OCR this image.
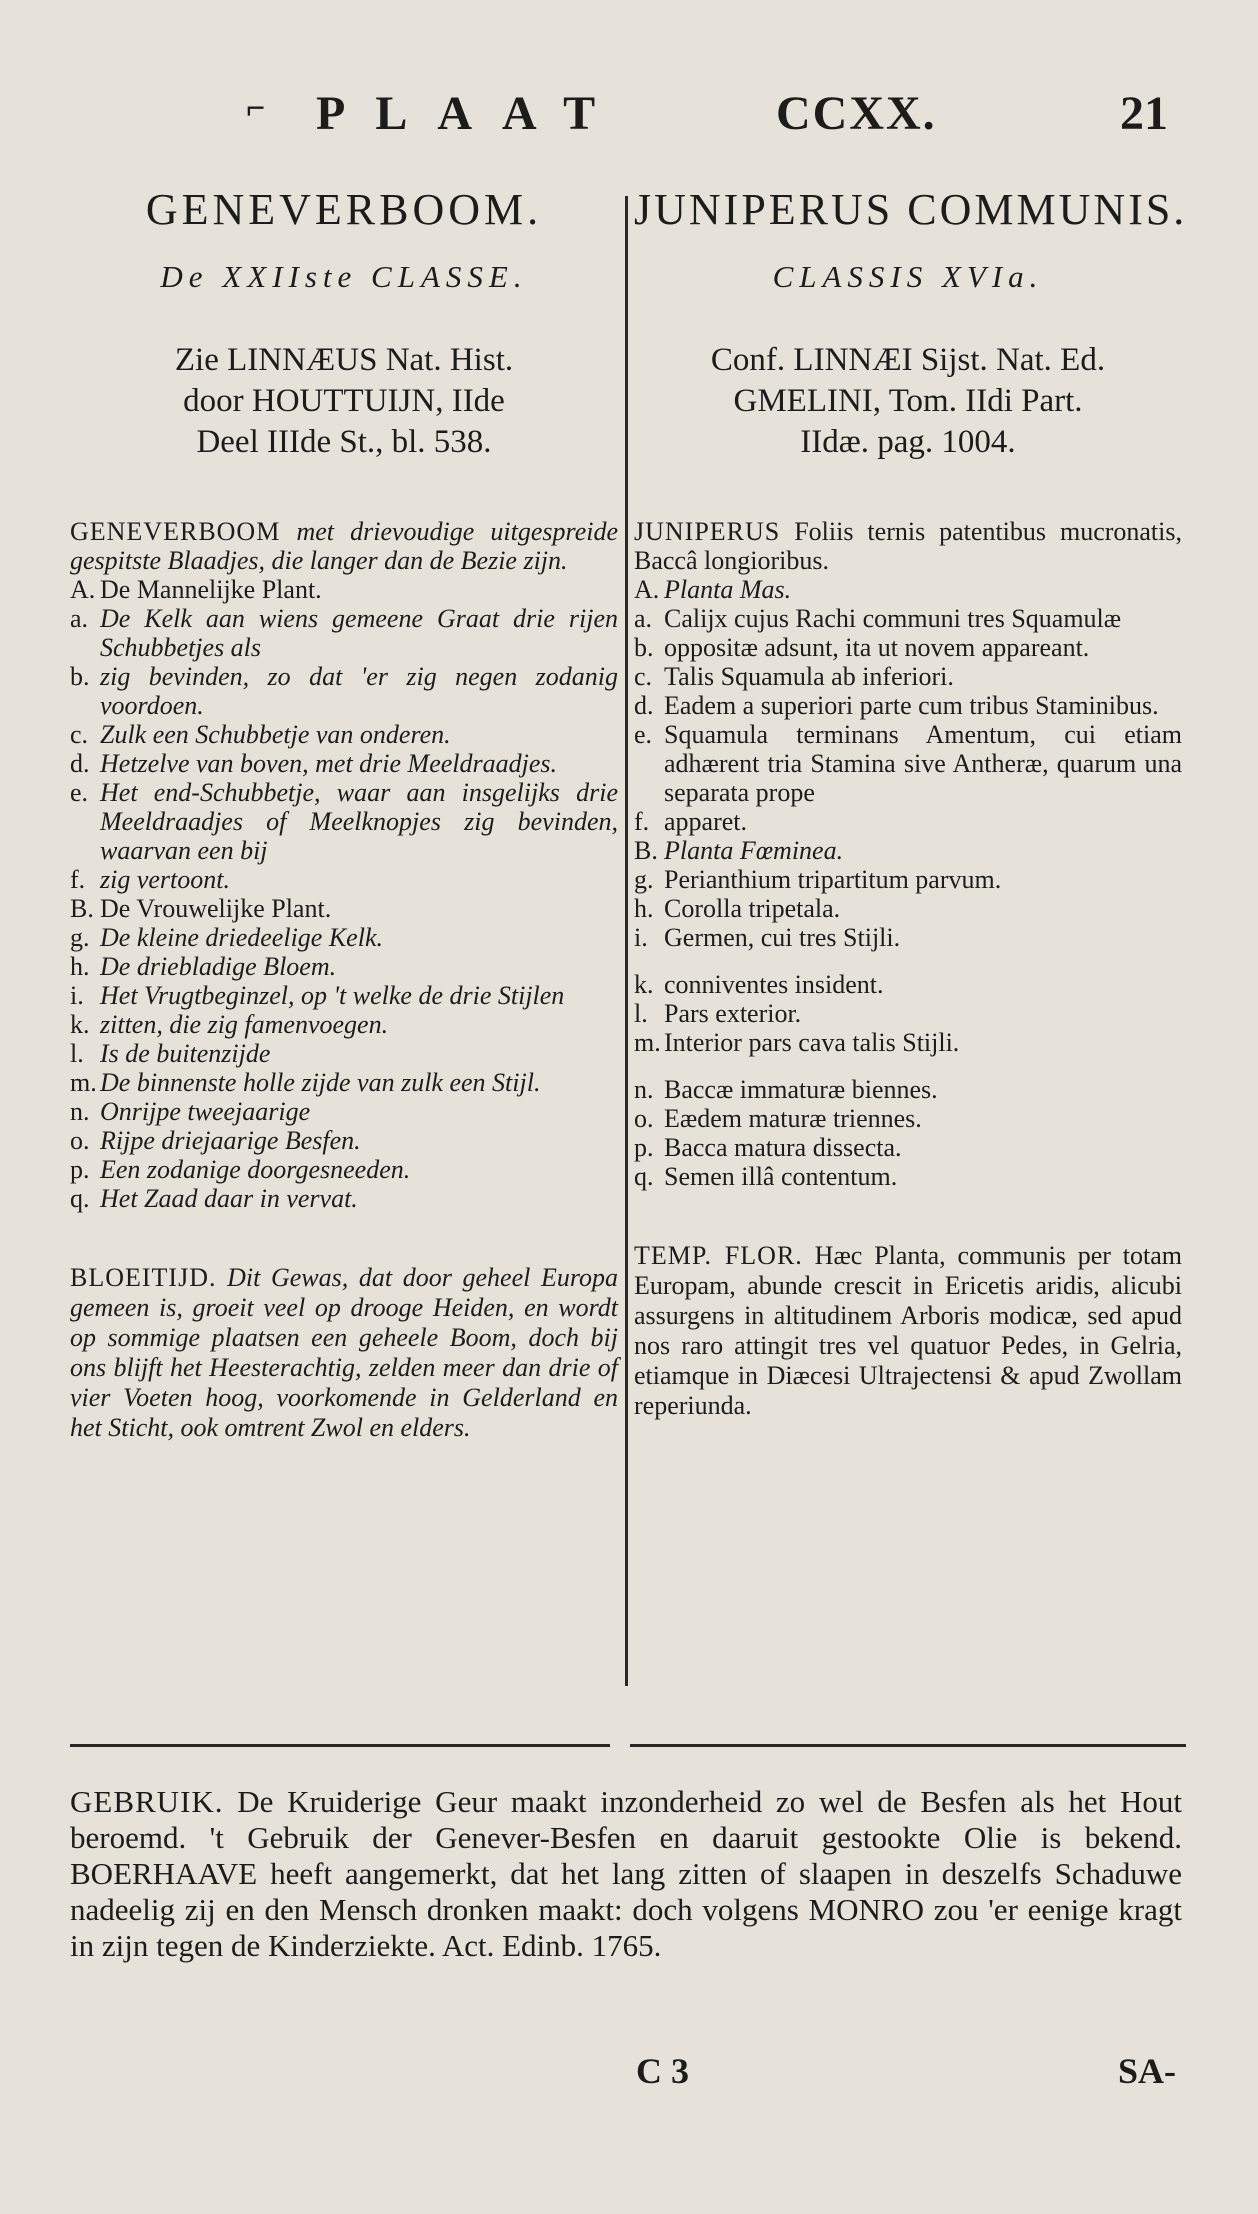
⌐ PLAAT	CCXX.	21
GENEVERBOOM.
De XXIIste CLASSE.
Zie LINNÆUS Nat. Hist.
door HOUTTUIJN, IIde
Deel IIIde St., bl. 538.
GENEVERBOOM met drievoudige uitgespreide gespitste Blaadjes, die langer dan de Bezie zijn.
A. De Mannelijke Plant.
a. De Kelk aan wiens gemeene Graat drie rijen Schubbetjes als
b. zig bevinden, zo dat 'er zig negen zodanig voordoen.
c. Zulk een Schubbetje van onderen.
d. Hetzelve van boven, met drie Meeldraadjes.
e. Het end-Schubbetje, waar aan insgelijks drie Meeldraadjes of Meelknopjes zig bevinden, waarvan een bij
f. zig vertoont.
B. De Vrouwelijke Plant.
g. De kleine driedeelige Kelk.
h. De driebladige Bloem.
i. Het Vrugtbeginzel, op 't welke de drie Stijlen
k. zitten, die zig famenvoegen.
l. Is de buitenzijde
m. De binnenste holle zijde van zulk een Stijl.
n. Onrijpe tweejaarige
o. Rijpe driejaarige Besfen.
p. Een zodanige doorgesneeden.
q. Het Zaad daar in vervat.
BLOEITIJD. Dit Gewas, dat door geheel Europa gemeen is, groeit veel op drooge Heiden, en wordt op sommige plaatsen een geheele Boom, doch bij ons blijft het Heesterachtig, zelden meer dan drie of vier Voeten hoog, voorkomende in Gelderland en het Sticht, ook omtrent Zwol en elders.
JUNIPERUS COMMUNIS.
CLASSIS XVIa.
Conf. LINNÆI Sijst. Nat. Ed.
GMELINI, Tom. IIdi Part.
IIdæ. pag. 1004.
JUNIPERUS Foliis ternis patentibus mucronatis, Baccâ longioribus.
A. Planta Mas.
a. Calijx cujus Rachi communi tres Squamulæ
b. oppositæ adsunt, ita ut novem appareant.
c. Talis Squamula ab inferiori.
d. Eadem a superiori parte cum tribus Staminibus.
e. Squamula terminans Amentum, cui etiam adhærent tria Stamina sive Antheræ, quarum una separata prope
f. apparet.
B. Planta Fœminea.
g. Perianthium tripartitum parvum.
h. Corolla tripetala.
i. Germen, cui tres Stijli.
k. conniventes insident.
l. Pars exterior.
m. Interior pars cava talis Stijli.
n. Baccæ immaturæ biennes.
o. Eædem maturæ triennes.
p. Bacca matura dissecta.
q. Semen illâ contentum.
TEMP. FLOR. Hæc Planta, communis per totam Europam, abunde crescit in Ericetis aridis, alicubi assurgens in altitudinem Arboris modicæ, sed apud nos raro attingit tres vel quatuor Pedes, in Gelria, etiamque in Diæcesi Ultrajectensi & apud Zwollam reperiunda.
GEBRUIK. De Kruiderige Geur maakt inzonderheid zo wel de Besfen als het Hout beroemd. 't Gebruik der Genever-Besfen en daaruit gestookte Olie is bekend. BOERHAAVE heeft aangemerkt, dat het lang zitten of slaapen in deszelfs Schaduwe nadeelig zij en den Mensch dronken maakt: doch volgens MONRO zou 'er eenige kragt in zijn tegen de Kinderziekte. Act. Edinb. 1765.
C 3	SA-
